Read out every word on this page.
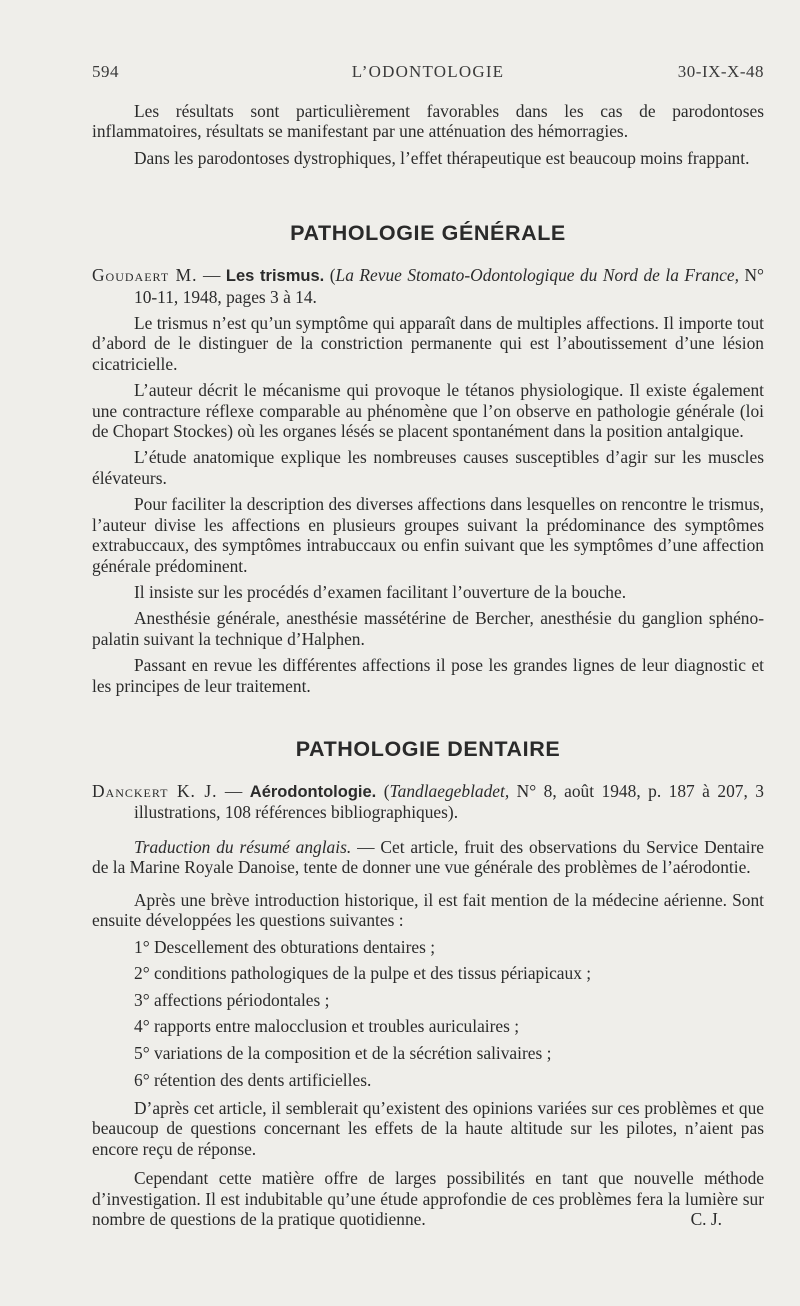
594	L’ODONTOLOGIE	30-IX-X-48

Les résultats sont particulièrement favorables dans les cas de parodontoses inflammatoires, résultats se manifestant par une atténuation des hémorragies.

Dans les parodontoses dystrophiques, l’effet thérapeutique est beaucoup moins frappant.

PATHOLOGIE GÉNÉRALE

Goudaert M. — Les trismus. (La Revue Stomato-Odontologique du Nord de la France, N° 10-11, 1948, pages 3 à 14.

Le trismus n’est qu’un symptôme qui apparaît dans de multiples affections. Il importe tout d’abord de le distinguer de la constriction permanente qui est l’aboutissement d’une lésion cicatricielle.

L’auteur décrit le mécanisme qui provoque le tétanos physiologique. Il existe également une contracture réflexe comparable au phénomène que l’on observe en pathologie générale (loi de Chopart Stockes) où les organes lésés se placent spontanément dans la position antalgique.

L’étude anatomique explique les nombreuses causes susceptibles d’agir sur les muscles élévateurs.

Pour faciliter la description des diverses affections dans lesquelles on rencontre le trismus, l’auteur divise les affections en plusieurs groupes suivant la prédominance des symptômes extrabuccaux, des symptômes intrabuccaux ou enfin suivant que les symptômes d’une affection générale prédominent.

Il insiste sur les procédés d’examen facilitant l’ouverture de la bouche.

Anesthésie générale, anesthésie massétérine de Bercher, anesthésie du ganglion sphéno-palatin suivant la technique d’Halphen.

Passant en revue les différentes affections il pose les grandes lignes de leur diagnostic et les principes de leur traitement.

PATHOLOGIE DENTAIRE

Danckert K. J. — Aérodontologie. (Tandlaegebladet, N° 8, août 1948, p. 187 à 207, 3 illustrations, 108 références bibliographiques).

Traduction du résumé anglais. — Cet article, fruit des observations du Service Dentaire de la Marine Royale Danoise, tente de donner une vue générale des problèmes de l’aérodontie.

Après une brève introduction historique, il est fait mention de la médecine aérienne. Sont ensuite développées les questions suivantes :

1° Descellement des obturations dentaires ;

2° conditions pathologiques de la pulpe et des tissus périapicaux ;

3° affections périodontales ;

4° rapports entre malocclusion et troubles auriculaires ;

5° variations de la composition et de la sécrétion salivaires ;

6° rétention des dents artificielles.

D’après cet article, il semblerait qu’existent des opinions variées sur ces problèmes et que beaucoup de questions concernant les effets de la haute altitude sur les pilotes, n’aient pas encore reçu de réponse.

Cependant cette matière offre de larges possibilités en tant que nouvelle méthode d’investigation. Il est indubitable qu’une étude approfondie de ces problèmes fera la lumière sur nombre de questions de la pratique quotidienne.	C. J.
